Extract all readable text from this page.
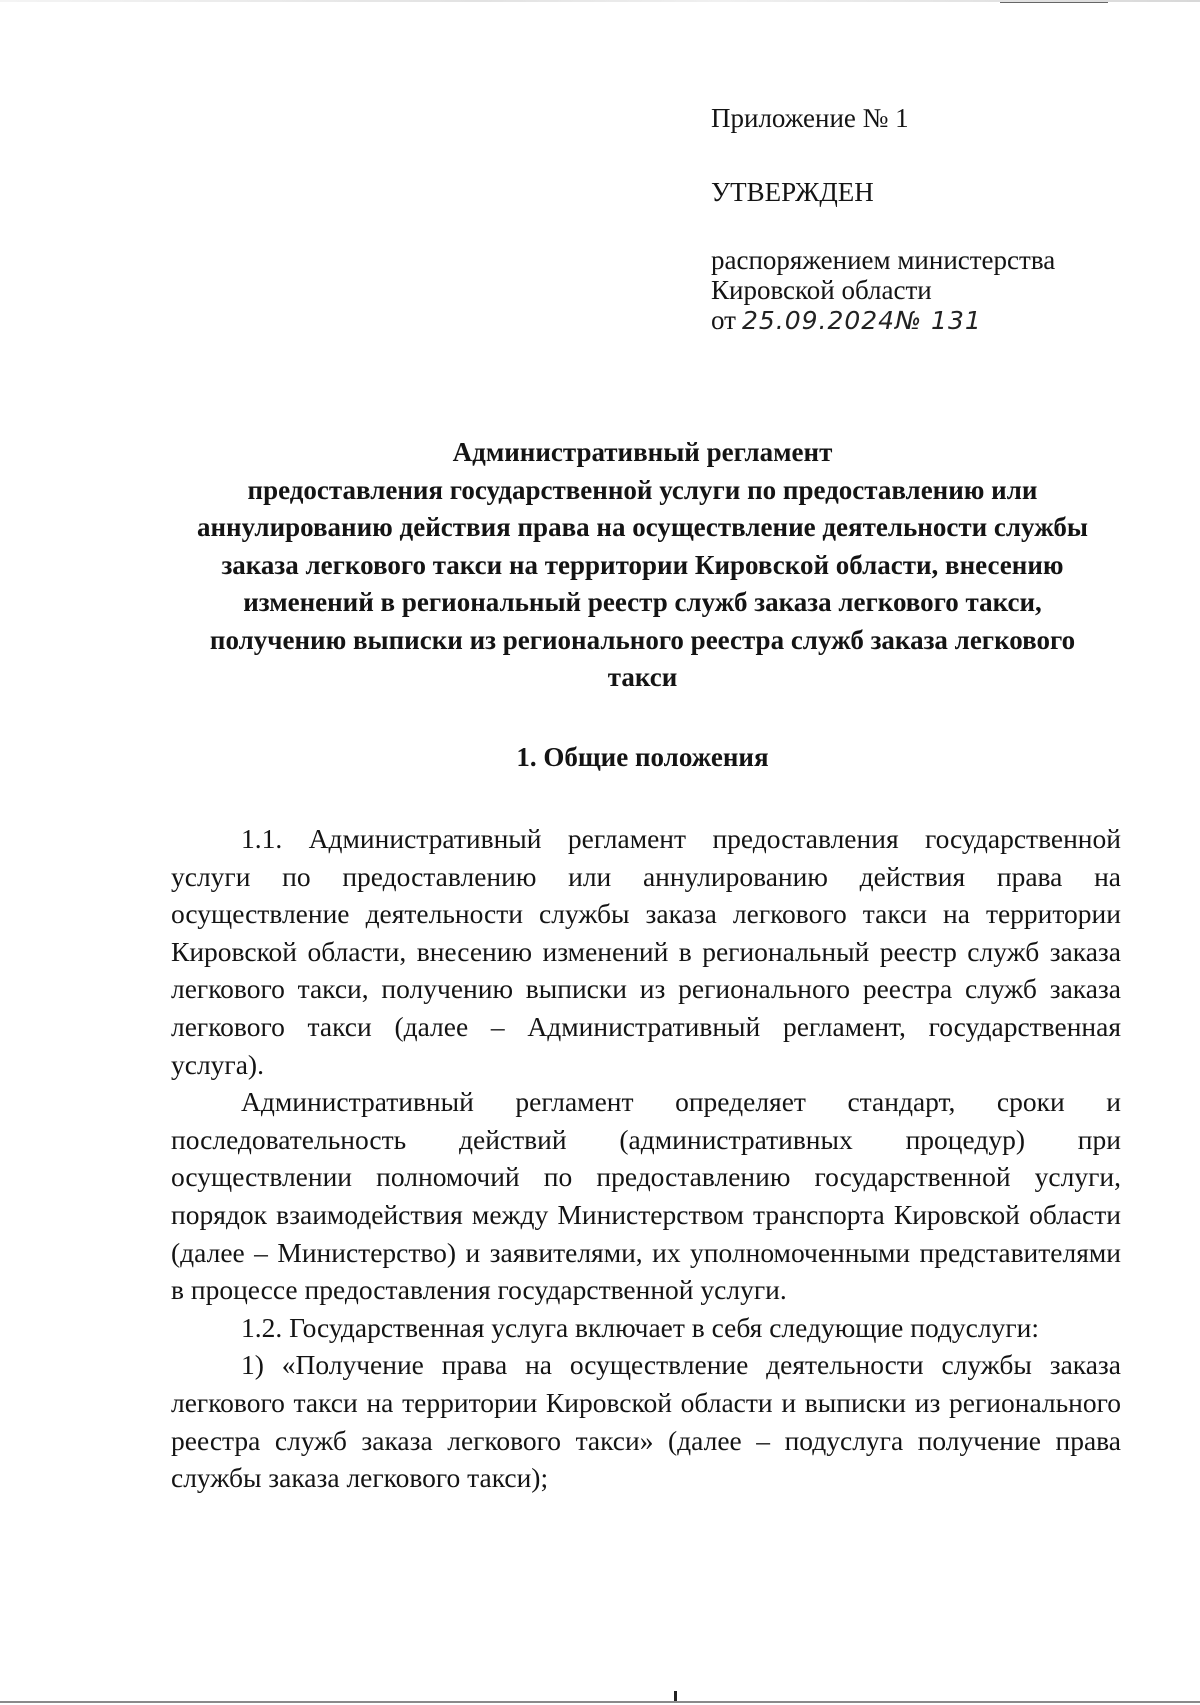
Приложение № 1
УТВЕРЖДЕН
распоряжением министерства
Кировской области
от 25.09.2024№ 131
Административный регламент
предоставления государственной услуги по предоставлению или
аннулированию действия права на осуществление деятельности службы
заказа легкового такси на территории Кировской области, внесению
изменений в региональный реестр служб заказа легкового такси,
получению выписки из регионального реестра служб заказа легкового
такси
1. Общие положения

1.1. Административный регламент предоставления государственной услуги по предоставлению или аннулированию действия права на осуществление деятельности службы заказа легкового такси на территории Кировской области, внесению изменений в региональный реестр служб заказа легкового такси, получению выписки из регионального реестра служб заказа легкового такси (далее – Административный регламент, государственная услуга).

Административный регламент определяет стандарт, сроки и последовательность действий (административных процедур) при осуществлении полномочий по предоставлению государственной услуги, порядок взаимодействия между Министерством транспорта Кировской области (далее – Министерство) и заявителями, их уполномоченными представителями в процессе предоставления государственной услуги.

1.2. Государственная услуга включает в себя следующие подуслуги:

1) «Получение права на осуществление деятельности службы заказа легкового такси на территории Кировской области и выписки из регионального реестра служб заказа легкового такси» (далее – подуслуга получение права службы заказа легкового такси);
